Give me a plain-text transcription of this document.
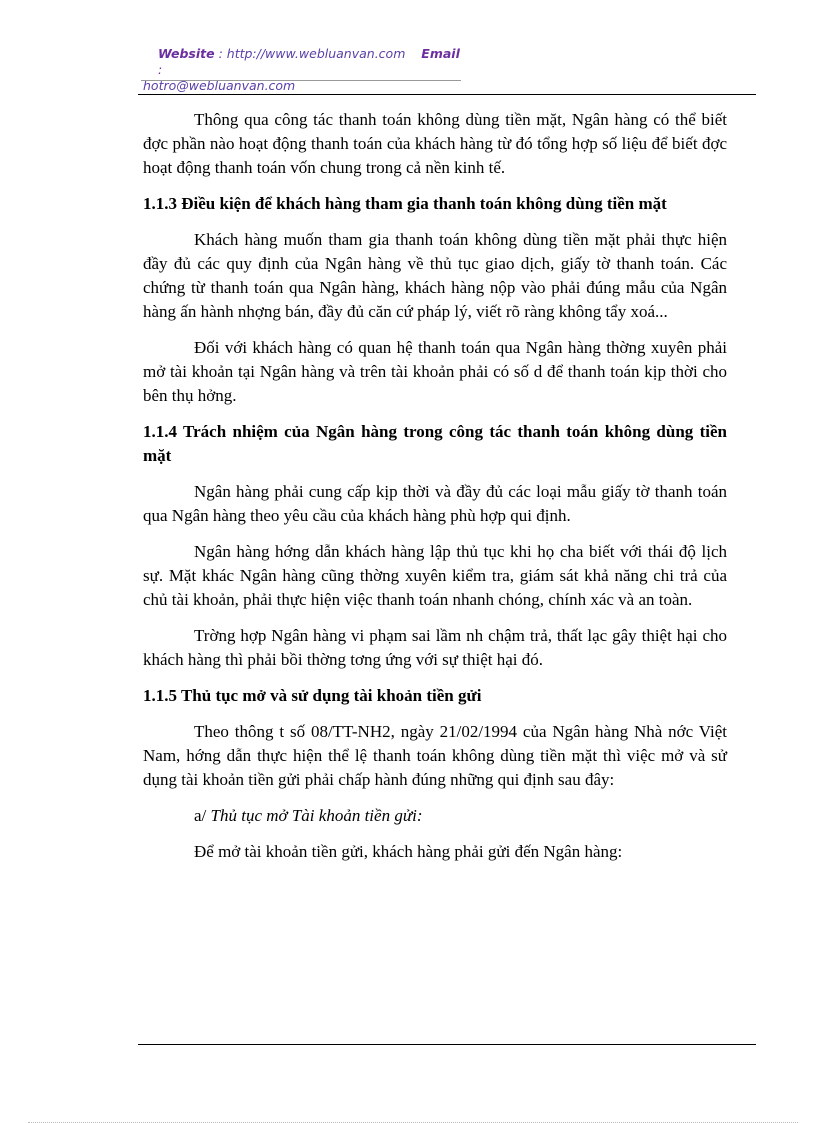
Website : http://www.webluanvan.com Email :
hotro@webluanvan.com

Thông qua công tác thanh toán không dùng tiền mặt, Ngân hàng có thể biết đợc phần nào hoạt động thanh toán của khách hàng từ đó tổng hợp số liệu để biết đợc hoạt động thanh toán vốn chung trong cả nền kinh tế.

1.1.3 Điều kiện để khách hàng tham gia thanh toán không dùng tiền mặt

Khách hàng muốn tham gia thanh toán không dùng tiền mặt phải thực hiện đầy đủ các quy định của Ngân hàng về thủ tục giao dịch, giấy tờ thanh toán. Các chứng từ thanh toán qua Ngân hàng, khách hàng nộp vào phải đúng mẫu của Ngân hàng ấn hành nhợng bán, đầy đủ căn cứ pháp lý, viết rõ ràng không tẩy xoá...

Đối với khách hàng có quan hệ thanh toán qua Ngân hàng thờng xuyên phải mở tài khoản tại Ngân hàng và trên tài khoản phải có số d để thanh toán kịp thời cho bên thụ hởng.

1.1.4 Trách nhiệm của Ngân hàng trong công tác thanh toán không dùng tiền mặt

Ngân hàng phải cung cấp kịp thời và đầy đủ các loại mẫu giấy tờ thanh toán qua Ngân hàng theo yêu cầu của khách hàng phù hợp qui định.

Ngân hàng hớng dẫn khách hàng lập thủ tục khi họ cha biết với thái độ lịch sự. Mặt khác Ngân hàng cũng thờng xuyên kiểm tra, giám sát khả năng chi trả của chủ tài khoản, phải thực hiện việc thanh toán nhanh chóng, chính xác và an toàn.

Trờng hợp Ngân hàng vi phạm sai lầm nh chậm trả, thất lạc gây thiệt hại cho khách hàng thì phải bồi thờng tơng ứng với sự thiệt hại đó.

1.1.5 Thủ tục mở và sử dụng tài khoản tiền gửi

Theo thông t số 08/TT-NH2, ngày 21/02/1994 của Ngân hàng Nhà nớc Việt Nam, hớng dẫn thực hiện thể lệ thanh toán không dùng tiền mặt thì việc mở và sử dụng tài khoản tiền gửi phải chấp hành đúng những qui định sau đây:

a/ Thủ tục mở Tài khoản tiền gửi:

Để mở tài khoản tiền gửi, khách hàng phải gửi đến Ngân hàng:
